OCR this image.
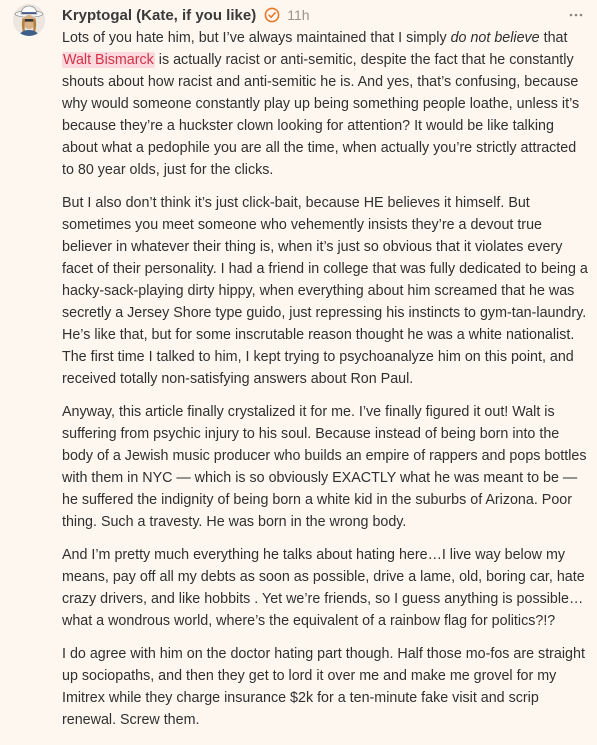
Kryptogal (Kate, if you like) 11h

Lots of you hate him, but I’ve always maintained that I simply do not believe that Walt Bismarck is actually racist or anti-semitic, despite the fact that he constantly shouts about how racist and anti-semitic he is. And yes, that’s confusing, because why would someone constantly play up being something people loathe, unless it’s because they’re a huckster clown looking for attention? It would be like talking about what a pedophile you are all the time, when actually you’re strictly attracted to 80 year olds, just for the clicks.

But I also don’t think it’s just click-bait, because HE believes it himself. But sometimes you meet someone who vehemently insists they’re a devout true believer in whatever their thing is, when it’s just so obvious that it violates every facet of their personality. I had a friend in college that was fully dedicated to being a hacky-sack-playing dirty hippy, when everything about him screamed that he was secretly a Jersey Shore type guido, just repressing his instincts to gym-tan-laundry. He’s like that, but for some inscrutable reason thought he was a white nationalist. The first time I talked to him, I kept trying to psychoanalyze him on this point, and received totally non-satisfying answers about Ron Paul.

Anyway, this article finally crystalized it for me. I’ve finally figured it out! Walt is suffering from psychic injury to his soul. Because instead of being born into the body of a Jewish music producer who builds an empire of rappers and pops bottles with them in NYC — which is so obviously EXACTLY what he was meant to be — he suffered the indignity of being born a white kid in the suburbs of Arizona. Poor thing. Such a travesty. He was born in the wrong body.

And I’m pretty much everything he talks about hating here…I live way below my means, pay off all my debts as soon as possible, drive a lame, old, boring car, hate crazy drivers, and like hobbits . Yet we’re friends, so I guess anything is possible…what a wondrous world, where’s the equivalent of a rainbow flag for politics?!?

I do agree with him on the doctor hating part though. Half those mo-fos are straight up sociopaths, and then they get to lord it over me and make me grovel for my Imitrex while they charge insurance $2k for a ten-minute fake visit and scrip renewal. Screw them.
